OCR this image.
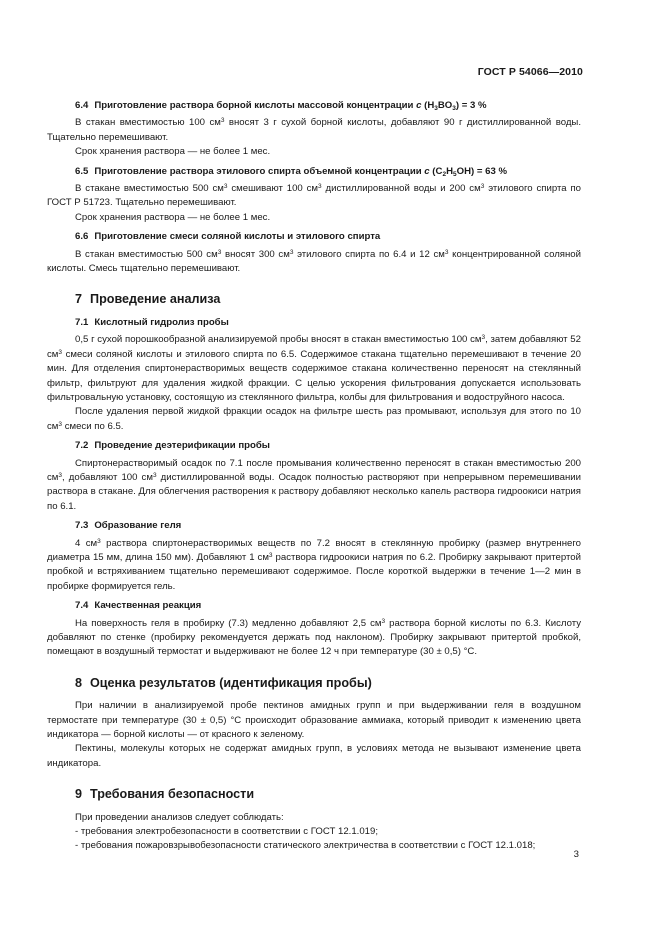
ГОСТ Р 54066—2010
6.4 Приготовление раствора борной кислоты массовой концентрации с $(H_3BO_3) = 3$ %
В стакан вместимостью 100 $см^3$ вносят 3 г сухой борной кислоты, добавляют 90 г дистиллированной воды. Тщательно перемешивают.
Срок хранения раствора — не более 1 мес.
6.5 Приготовление раствора этилового спирта объемной концентрации с $(C_2H_5OH) = 63$ %
В стакане вместимостью 500 $см^3$ смешивают 100 $см^3$ дистиллированной воды и 200 $см^3$ этилового спирта по ГОСТ Р 51723. Тщательно перемешивают.
Срок хранения раствора — не более 1 мес.
6.6 Приготовление смеси соляной кислоты и этилового спирта
В стакан вместимостью 500 $см^3$ вносят 300 $см^3$ этилового спирта по 6.4 и 12 $см^3$ концентрированной соляной кислоты. Смесь тщательно перемешивают.
7 Проведение анализа
7.1 Кислотный гидролиз пробы
0,5 г сухой порошкообразной анализируемой пробы вносят в стакан вместимостью 100 $см^3$, затем добавляют 52 $см^3$ смеси соляной кислоты и этилового спирта по 6.5. Содержимое стакана тщательно перемешивают в течение 20 мин. Для отделения спиртонерастворимых веществ содержимое стакана количественно переносят на стеклянный фильтр, фильтруют для удаления жидкой фракции. С целью ускорения фильтрования допускается использовать фильтровальную установку, состоящую из стеклянного фильтра, колбы для фильтрования и водоструйного насоса.
После удаления первой жидкой фракции осадок на фильтре шесть раз промывают, используя для этого по 10 $см^3$ смеси по 6.5.
7.2 Проведение деэтерификации пробы
Спиртонерастворимый осадок по 7.1 после промывания количественно переносят в стакан вместимостью 200 $см^3$, добавляют 100 $см^3$ дистиллированной воды. Осадок полностью растворяют при непрерывном перемешивании раствора в стакане. Для облегчения растворения к раствору добавляют несколько капель раствора гидроокиси натрия по 6.1.
7.3 Образование геля
4 $см^3$ раствора спиртонерастворимых веществ по 7.2 вносят в стеклянную пробирку (размер внутреннего диаметра 15 мм, длина 150 мм). Добавляют 1 $см^3$ раствора гидроокиси натрия по 6.2. Пробирку закрывают притертой пробкой и встряхиванием тщательно перемешивают содержимое. После короткой выдержки в течение 1—2 мин в пробирке формируется гель.
7.4 Качественная реакция
На поверхность геля в пробирку (7.3) медленно добавляют 2,5 $см^3$ раствора борной кислоты по 6.3. Кислоту добавляют по стенке (пробирку рекомендуется держать под наклоном). Пробирку закрывают притертой пробкой, помещают в воздушный термостат и выдерживают не более 12 ч при температуре (30 ± 0,5) °С.
8 Оценка результатов (идентификация пробы)
При наличии в анализируемой пробе пектинов амидных групп и при выдерживании геля в воздушном термостате при температуре (30 ± 0,5) °С происходит образование аммиака, который приводит к изменению цвета индикатора — борной кислоты — от красного к зеленому.
Пектины, молекулы которых не содержат амидных групп, в условиях метода не вызывают изменение цвета индикатора.
9 Требования безопасности
При проведении анализов следует соблюдать:
- требования электробезопасности в соответствии с ГОСТ 12.1.019;
- требования пожаровзрывобезопасности статического электричества в соответствии с ГОСТ 12.1.018;
3
